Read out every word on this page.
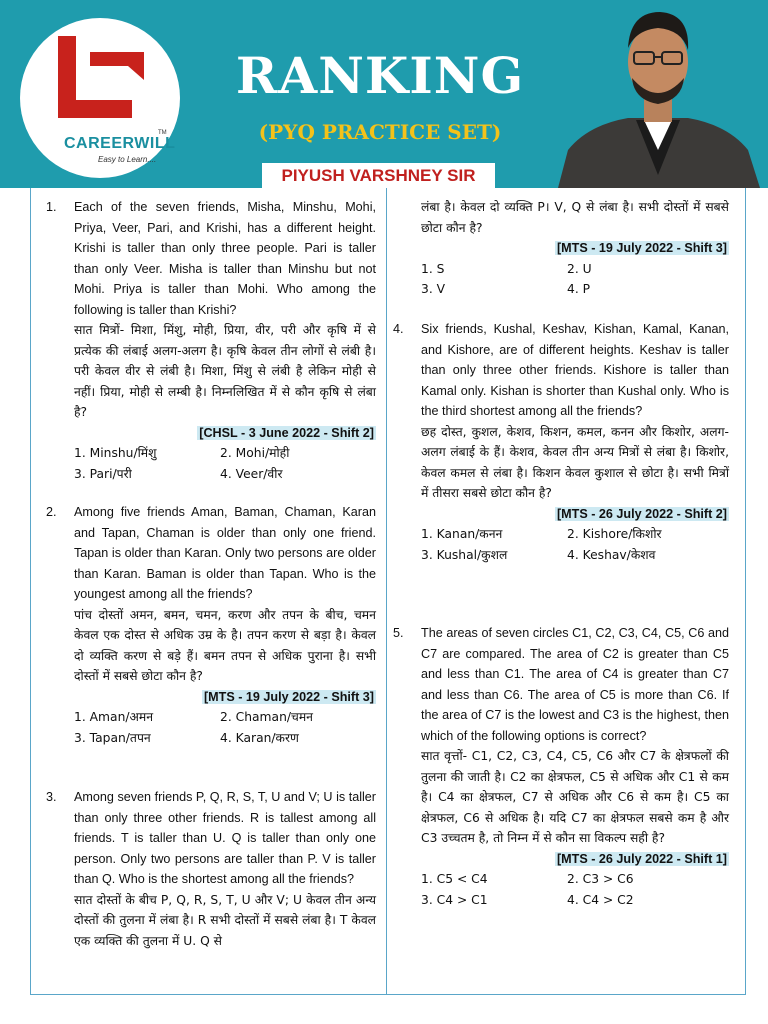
CAREERWILL
Easy to Learn....
TM
RANKING
(PYQ PRACTICE SET)
PIYUSH VARSHNEY SIR
1. Each of the seven friends, Misha, Minshu, Mohi, Priya, Veer, Pari, and Krishi, has a different height. Krishi is taller than only three people. Pari is taller than only Veer. Misha is taller than Minshu but not Mohi. Priya is taller than Mohi. Who among the following is taller than Krishi?

सात मित्रों- मिशा, मिंशु, मोही, प्रिया, वीर, परी और कृषि में से प्रत्येक की लंबाई अलग-अलग है। कृषि केवल तीन लोगों से लंबी है। परी केवल वीर से लंबी है। मिशा, मिंशु से लंबी है लेकिन मोही से नहीं। प्रिया, मोही से लम्बी है। निम्नलिखित में से कौन कृषि से लंबा है?

[CHSL - 3 June 2022 - Shift 2]

1. Minshu/मिंशु	2. Mohi/मोही
3. Pari/परी	4. Veer/वीर
2. Among five friends Aman, Baman, Chaman, Karan and Tapan, Chaman is older than only one friend. Tapan is older than Karan. Only two persons are older than Karan. Baman is older than Tapan. Who is the youngest among all the friends?

पांच दोस्तों अमन, बमन, चमन, करण और तपन के बीच, चमन केवल एक दोस्त से अधिक उम्र के है। तपन करण से बड़ा है। केवल दो व्यक्ति करण से बड़े हैं। बमन तपन से अधिक पुराना है। सभी दोस्तों में सबसे छोटा कौन है?

[MTS - 19 July 2022 - Shift 3]

1. Aman/अमन	2. Chaman/चमन
3. Tapan/तपन	4. Karan/करण
3. Among seven friends P, Q, R, S, T, U and V; U is taller than only three other friends. R is tallest among all friends. T is taller than U. Q is taller than only one person. Only two persons are taller than P. V is taller than Q. Who is the shortest among all the friends?

सात दोस्तों के बीच P, Q, R, S, T, U और V; U केवल तीन अन्य दोस्तों की तुलना में लंबा है। R सभी दोस्तों में सबसे लंबा है। T केवल एक व्यक्ति की तुलना में U. Q से

लंबा है। केवल दो व्यक्ति P। V, Q से लंबा है। सभी दोस्तों में सबसे छोटा कौन है?

[MTS - 19 July 2022 - Shift 3]

1. S	2. U
3. V	4. P
4. Six friends, Kushal, Keshav, Kishan, Kamal, Kanan, and Kishore, are of different heights. Keshav is taller than only three other friends. Kishore is taller than Kamal only. Kishan is shorter than Kushal only. Who is the third shortest among all the friends?

छह दोस्त, कुशल, केशव, किशन, कमल, कनन और किशोर, अलग-अलग लंबाई के हैं। केशव, केवल तीन अन्य मित्रों से लंबा है। किशोर, केवल कमल से लंबा है। किशन केवल कुशाल से छोटा है। सभी मित्रों में तीसरा सबसे छोटा कौन है?

[MTS - 26 July 2022 - Shift 2]

1. Kanan/कनन	2. Kishore/किशोर
3. Kushal/कुशल	4. Keshav/केशव
5. The areas of seven circles C1, C2, C3, C4, C5, C6 and C7 are compared. The area of C2 is greater than C5 and less than C1. The area of C4 is greater than C7 and less than C6. The area of C5 is more than C6. If the area of C7 is the lowest and C3 is the highest, then which of the following options is correct?

सात वृत्तों- C1, C2, C3, C4, C5, C6 और C7 के क्षेत्रफलों की तुलना की जाती है। C2 का क्षेत्रफल, C5 से अधिक और C1 से कम है। C4 का क्षेत्रफल, C7 से अधिक और C6 से कम है। C5 का क्षेत्रफल, C6 से अधिक है। यदि C7 का क्षेत्रफल सबसे कम है और C3 उच्चतम है, तो निम्न में से कौन सा विकल्प सही है?

[MTS - 26 July 2022 - Shift 1]

1. C5 < C4	2. C3 > C6
3. C4 > C1	4. C4 > C2
